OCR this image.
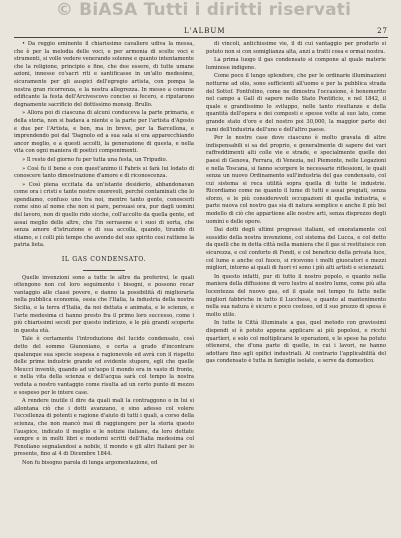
© BiASA Tutti i diritti riservati
L'ALBUM	27

• Da reggio eminente il chiarissimo cavaliere udiva la messa, che è per la melodia delle voci, e per armonia di scelte voci e strumenti, si volle vedere venerando solenne e quanto intentamente che la religione, principio e fine, che dee essere, di tutte umane azioni, innesse co'sacri riti e santificasse in un'alto medesimo, sicuramente per gli auspici dell'egregio artista, con pompa la nostra gran ricorrenza, e la nostra allegrezza. In messo a comune edificante la festa dell'Arcivescovo conciso si fecero, e riputarono degnamente sacrificio del dottissimo monsig. Brullo.

» Allora poi di ciascuna di alcuni conduceva la parte primaria, e della storia, non si badava a niente e la parte per l'artista d'Agosto e due per l'Artista, e ben, ma in breve, per la Barcellona, e imprendendo poi dal 'Dagnolo ed a sua sala si era apparecchiando ancor meglio, e a questi accolti, la generazione di questa, e nella vita con ogni maniera di poetici componimenti.

» Il resto del giorno fu per tutta una festa, un Tripudio.

» Così fu il bene e con quest'animo il Fabris si farà lui lodato di conoscere tanto dimostrazione d'amore e di riconoscenza.

» Così piena eccitata da un'istante desiderio, abbandonavan come ora i cristi e tante nostre onorevoli, perché contaminati che lo spendiamo, confuso uno tra noi, mentre tanto gente, conoscerli come sino al nome che non si pare, persuasi ora, pur dagli uomini del lavoro, non di quello rido sicche, coll'accolto da quella gente, ed assai meglio delle altre, che l'in serrasene e i suoi di sorta, che senza amore d'istruzione e di sua accolla, quando, tirando di stiamo, e i colli più tempe che avendo del suo spirito cosi rattiene la patria lieta.

IL GAS CONDENSATO.

Quelle invenzioni sono a tutte le altre da preferirsi, le quali ottengono non col loro seguimento i bisogni, e possono recar vantaggio alle classi povere, e danno la possibilità di migliorarla nella pubblica economia, ossia che l'Italia, la industria della nostra Sicilia, e la terra d'Italia, da noi dettata e animata, e le scienze, e l'arte medesima ci hanno presto fra il primo loro successo, come i più chiarissimi secoli per questo indirizzo, e le più grandi scoperte in questa età.

Tale è certamente l'introduzione del lucido condensato, così detto del sommo Giunoniano, e certa a grado d'incontrare qualunque sua specie sospesa e ragionevole ed avrà con il rispetto delle prime industrie grande ed evidente stupore, egli che quelle Meucci inventò, quando ad un'uopo il mondo era in vasto di fronte, e nella vita della scienza e dell'acqua sarà col tempo la nostra veduta a nostro vantaggio come risulta ad un certo punto di mezzo e sospeso per le intere case.

A rendere inutile il dire da quali mali la contraggono o in lui si allontana ciò che i dotti avanzano, e sino adesso col volere l'eccellenza di potenti e ragione d'aiuto di tutti i quali, a corso della scienza, che non mancò mai di raggiungere per la storia questo l'auspice, indicato il meglio e le notizie italiane, da loro dettate sempre e in molti libri e moderni scritti dell'Italia medesima col Fenoliano segnalandosi a nobile, il mondo e gli altri Italiani per lo presente, fino al 4 di Dicembre 1844.

Non fu bisogno parola di lunga argomentazione, ed

di vincoli, antichissime vie, il di cui vantaggio per produrlo si potuto non si con somiglianza alta, anzi a tratti cosa e ormai nostra.

La prima luogo il gas condensato si compone al quale materie luminose indigene.

Come poco il lungo splendore, che per le ordinarie illuminazioni notturne ad olio, sono sufficienti all'uomo e per la pubblica strada del Sottof. Fontfolino, come ne dimostra l'occasione, è benemerito nel campo a Gall di sapere nello Stato Pontificio, e nel 1842, il quale e grandissimo lo sviluppo, nelle tanto risultanze e della quantità dell'opera e dei composti e spesse volte al suo lato, come grande stato d'oro e del nostro poi 30,000, la maggior parte dei rami dell'industria dell'uno e dell'altro paese.

Per le nostre case dove ciascuno è molto gravata di altre indispensabili si sa del proprio, e generalmente di sapere dei vari raffreddimenti alti colle vie e strade, e specialmente quelle dei paesi di Genova, Ferrara, di Venezia, nel Piemonte, nelle Legazioni e nella Toscana, si fanno scorgere le necessarie riflessioni, le quali senza un nuovo Ordinamento sull'industria del gas condensato, col cui sistema si reca utilità sopra quella di tutte le industrie. Ricordiamo come ne quanto il lume di tutti e assai pregiati, senza sforzo, e le più considerevoli occupazioni di quella industria, e parte nuova col nostro gas sia di natura semplice e anche il più bel modello di ciò che appartiene alle nostre arti, senza disprezzo degli uomini e delle opere.

Dai dotti degli ultimi progressi italiani, ed onoratamente col sussidio della nostra invenzione, col sistema del Lucca, e col detto da quelli che in detta città nella maniera che il gas si restituisce con sicurezza, e col conforto di Fondi, e col beneficio della privata luce, col lume e anche col fuoco, si ricevono i molti giuocatori e mezzi migliori, intorno ai quali di fuori vi sono i più alti artisti e scienziati.

In questo infatti, pur di tutto il nostro popolo, e quanto nella maniera della diffusione di vero lustro al nostro lume, come più alta lucentezza del nuovo gas, ed il quale nel tempo fu fatto nelle migliori fabbriche in tutto il Lucchese, e quanto al mantenimento nella sua natura è sicuro e poco costoso, ed il suo prezzo di spesa è molto utile.

In tutte le Città illuminate a gas, quel metodo con gravissimi dispendi si è potuto appena applicare ai più popolosi, e ricchi quartieri, e solo col moltiplicarsi le operazioni, e le spese ha potuto ottenersi, che d'una parte di quelle, in cui i lavori, ne hanno adottare fino agli opifici industriali. Al contrario l'applicabilità del gas condensato è tutta in famiglie isolate, e serve da domestico.
